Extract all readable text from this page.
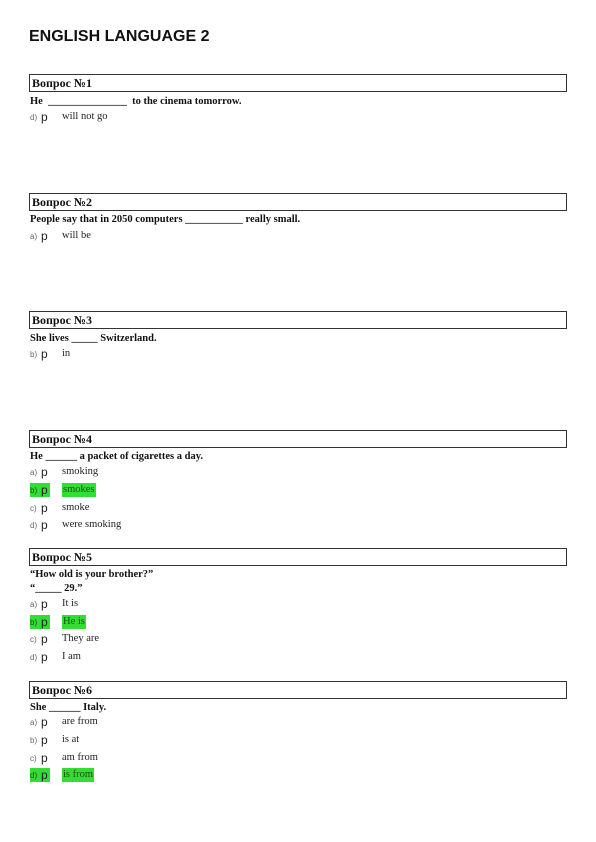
ENGLISH LANGUAGE 2
Вопрос №1
He  _______________  to the cinema tomorrow.
d) p will not go
Вопрос №2
People say that in 2050 computers ___________ really small.
a) p will be
Вопрос №3
She lives _____ Switzerland.
b) p in
Вопрос №4
He ______ a packet of cigarettes a day.
a) p smoking
b) p smokes
c) p smoke
d) p were smoking
Вопрос №5
“How old is your brother?”
“_____ 29.”
a) p It is
b) p He is
c) p They are
d) p I am
Вопрос №6
She ______ Italy.
a) p are from
b) p is at
c) p am from
d) p is from
